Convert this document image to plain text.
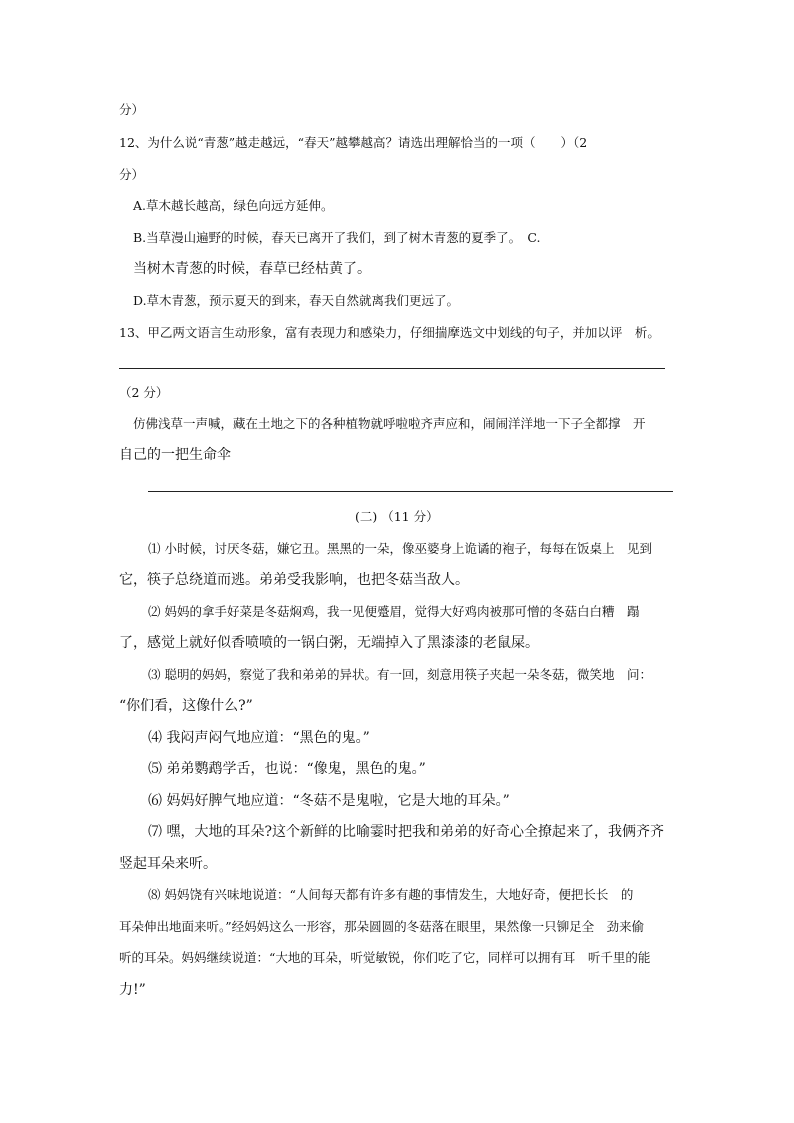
分）
12、为什么说“青葱”越走越远，“春天”越攀越高？请选出理解恰当的一项（　　）（2
分）
A.草木越长越高，绿色向远方延伸。
B.当草漫山遍野的时候，春天已离开了我们，到了树木青葱的夏季了。　C.
当树木青葱的时候，春草已经枯黄了。
D.草木青葱，预示夏天的到来，春天自然就离我们更远了。
13、甲乙两文语言生动形象，富有表现力和感染力，仔细揣摩选文中划线的句子，并加以评　析。
（2 分）
仿佛浅草一声喊，藏在土地之下的各种植物就呼啦啦齐声应和，闹闹洋洋地一下子全都撑　开
自己的一把生命伞
(二) （11 分）
⑴ 小时候，讨厌冬菇，嫌它丑。黑黑的一朵，像巫婆身上诡谲的袍子，每每在饭桌上　见到
它，筷子总绕道而逃。弟弟受我影响，也把冬菇当敌人。
⑵ 妈妈的拿手好菜是冬菇焖鸡，我一见便蹙眉，觉得大好鸡肉被那可憎的冬菇白白糟　蹋
了，感觉上就好似香喷喷的一锅白粥，无端掉入了黑漆漆的老鼠屎。
⑶ 聪明的妈妈，察觉了我和弟弟的异状。有一回，刻意用筷子夹起一朵冬菇，微笑地　问：
“你们看，这像什么?”
⑷ 我闷声闷气地应道：“黑色的鬼。”
⑸ 弟弟鹦鹉学舌，也说：“像鬼，黑色的鬼。”
⑹ 妈妈好脾气地应道：“冬菇不是鬼啦，它是大地的耳朵。”
⑺ 嘿，大地的耳朵?这个新鲜的比喻霎时把我和弟弟的好奇心全撩起来了，我俩齐齐
竖起耳朵来听。
⑻ 妈妈饶有兴味地说道：“人间每天都有许多有趣的事情发生，大地好奇，便把长长　的
耳朵伸出地面来听。”经妈妈这么一形容，那朵圆圆的冬菇落在眼里，果然像一只铆足全　劲来偷
听的耳朵。妈妈继续说道：“大地的耳朵，听觉敏锐，你们吃了它，同样可以拥有耳　听千里的能
力!”
